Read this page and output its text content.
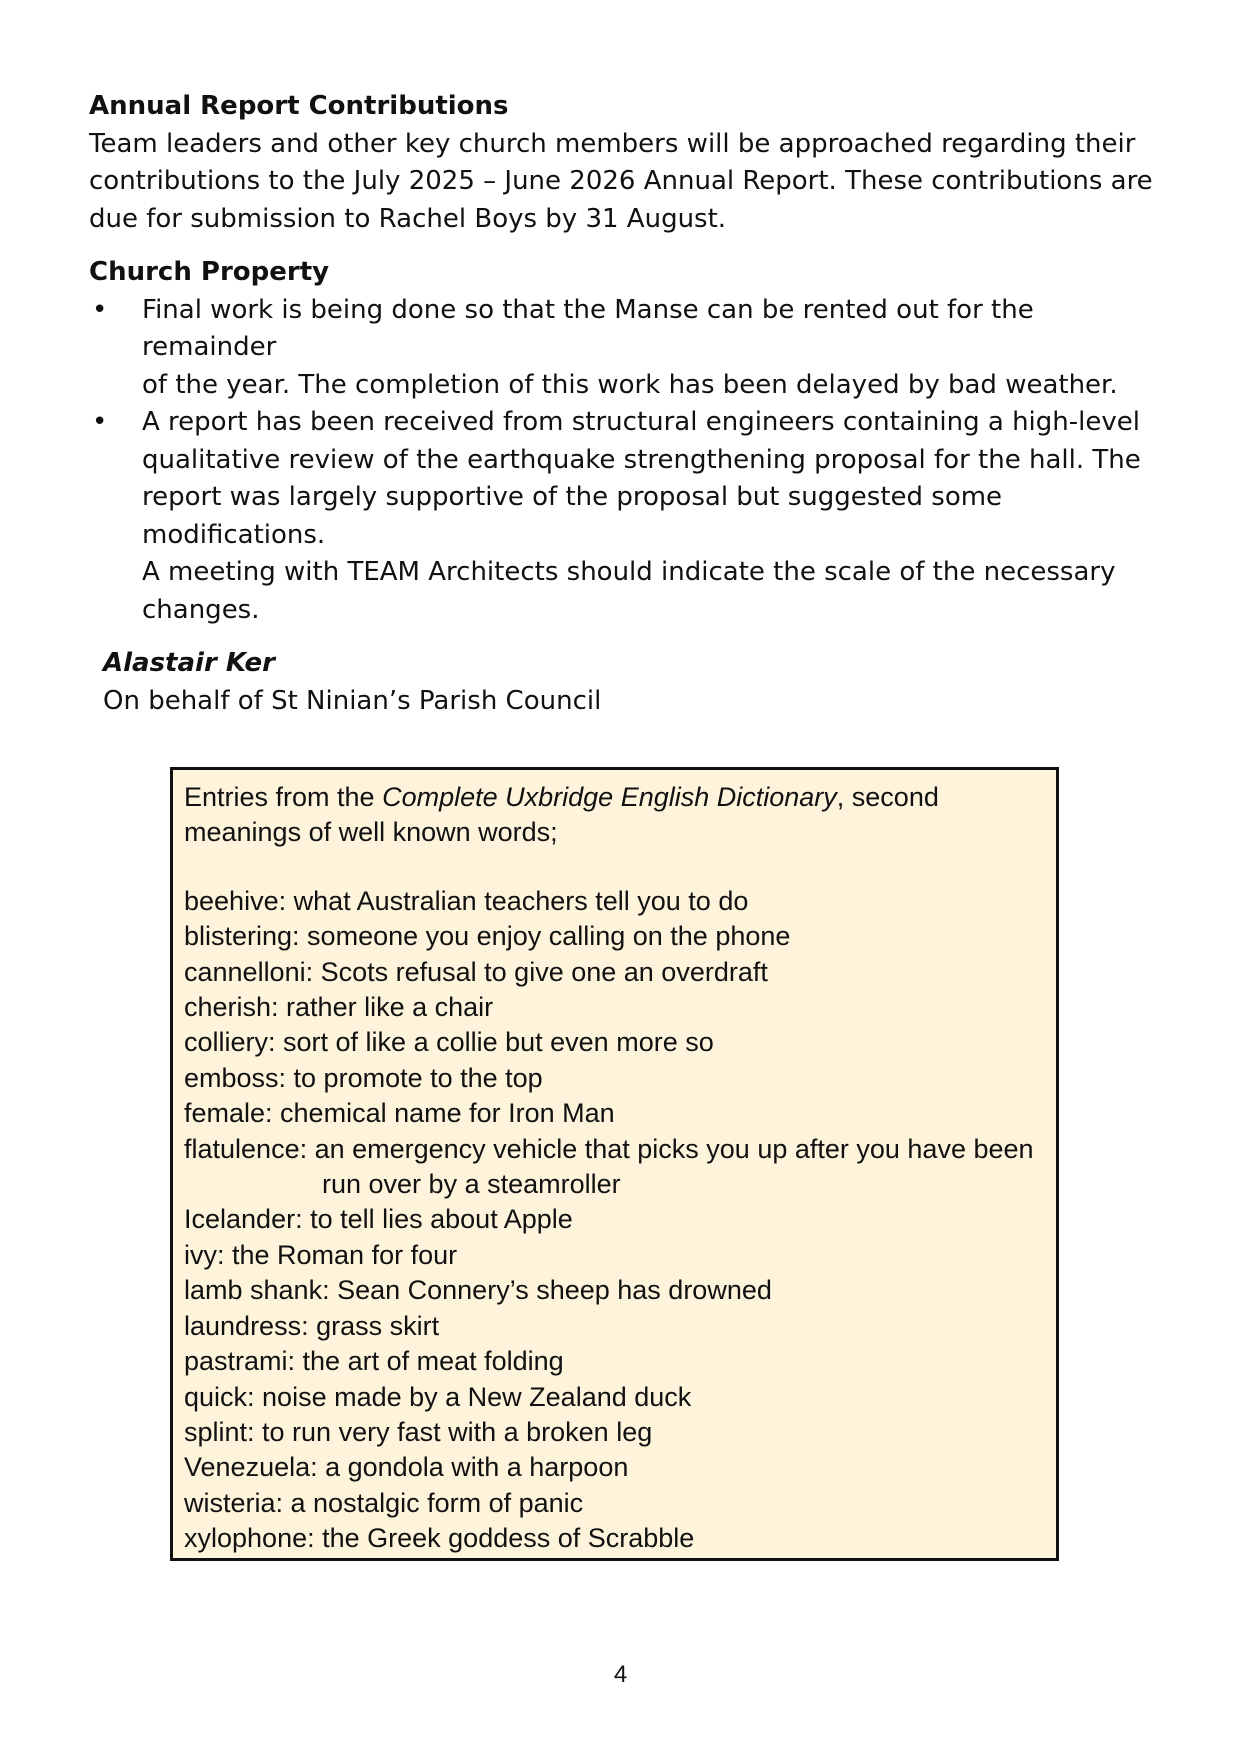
Annual Report Contributions

Team leaders and other key church members will be approached regarding their

contributions to the July 2025 – June 2026 Annual Report. These contributions are

due for submission to Rachel Boys by 31 August.

Church Property

• Final work is being done so that the Manse can be rented out for the remainder
of the year. The completion of this work has been delayed by bad weather.
• A report has been received from structural engineers containing a high-level
qualitative review of the earthquake strengthening proposal for the hall. The
report was largely supportive of the proposal but suggested some modifications.
A meeting with TEAM Architects should indicate the scale of the necessary
changes.

Alastair Ker

On behalf of St Ninian’s Parish Council

Entries from the Complete Uxbridge English Dictionary, second
meanings of well known words;

beehive: what Australian teachers tell you to do
blistering: someone you enjoy calling on the phone
cannelloni: Scots refusal to give one an overdraft
cherish: rather like a chair
colliery: sort of like a collie but even more so
emboss: to promote to the top
female: chemical name for Iron Man
flatulence: an emergency vehicle that picks you up after you have been run over by a steamroller
Icelander: to tell lies about Apple
ivy: the Roman for four
lamb shank: Sean Connery’s sheep has drowned
laundress: grass skirt
pastrami: the art of meat folding
quick: noise made by a New Zealand duck
splint: to run very fast with a broken leg
Venezuela: a gondola with a harpoon
wisteria: a nostalgic form of panic
xylophone: the Greek goddess of Scrabble
4
